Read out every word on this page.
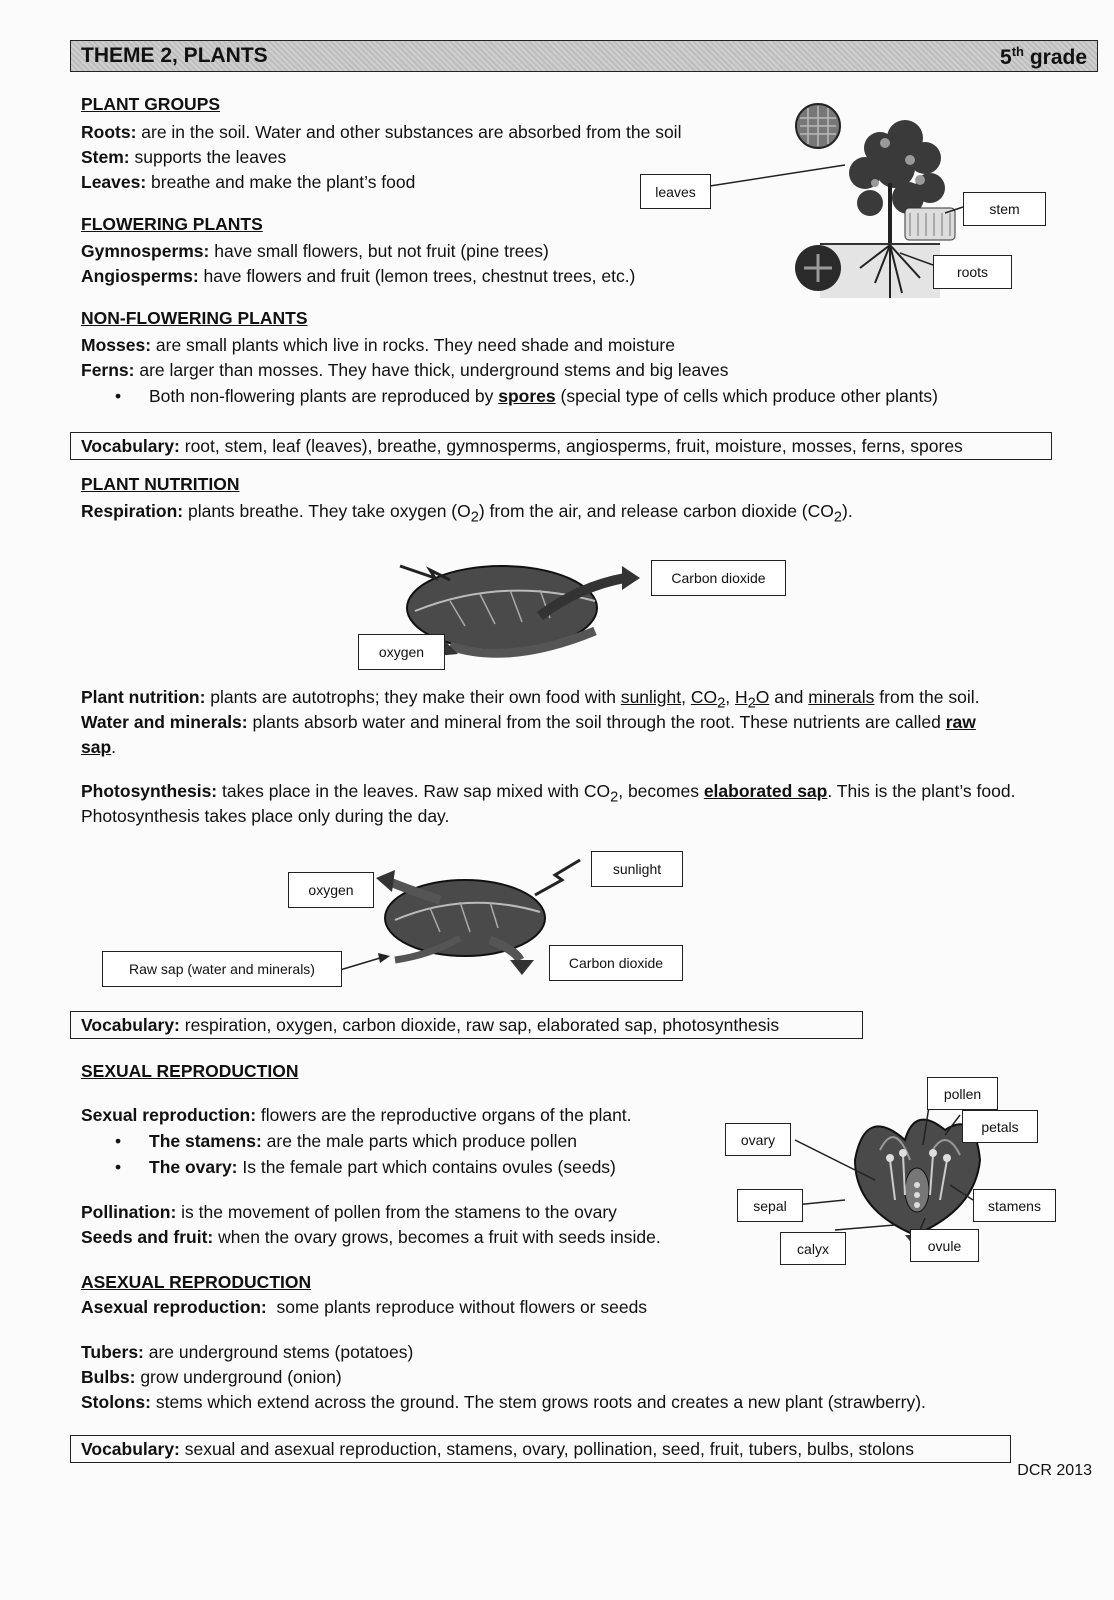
THEME 2, PLANTS	5th grade
PLANT GROUPS
Roots: are in the soil. Water and other substances are absorbed from the soil
Stem: supports the leaves
Leaves: breathe and make the plant’s food	leaves
stem
roots
FLOWERING PLANTS
Gymnosperms: have small flowers, but not fruit (pine trees)
Angiosperms: have flowers and fruit (lemon trees, chestnut trees, etc.)
NON-FLOWERING PLANTS
Mosses: are small plants which live in rocks. They need shade and moisture
Ferns: are larger than mosses. They have thick, underground stems and big leaves
• Both non-flowering plants are reproduced by spores (special type of cells which produce other plants)
Vocabulary: root, stem, leaf (leaves), breathe, gymnosperms, angiosperms, fruit, moisture, mosses, ferns, spores
PLANT NUTRITION
Respiration: plants breathe. They take oxygen $(O_2)$ from the air, and release carbon dioxide $(CO_2)$.
Carbon dioxide
oxygen
Plant nutrition: plants are autotrophs; they make their own food with sunlight, $CO_2$, $H_2O$ and minerals from the soil.
Water and minerals: plants absorb water and mineral from the soil through the root. These nutrients are called raw
sap.
Photosynthesis: takes place in the leaves. Raw sap mixed with $CO_2$, becomes elaborated sap. This is the plant’s food.
Photosynthesis takes place only during the day.
sunlight
oxygen
Raw sap (water and minerals)	Carbon dioxide
Vocabulary: respiration, oxygen, carbon dioxide, raw sap, elaborated sap, photosynthesis
SEXUAL REPRODUCTION
Sexual reproduction: flowers are the reproductive organs of the plant.
• The stamens: are the male parts which produce pollen
• The ovary: Is the female part which contains ovules (seeds)
Pollination: is the movement of pollen from the stamens to the ovary
Seeds and fruit: when the ovary grows, becomes a fruit with seeds inside.
pollen
petals
ovary
sepal	stamens
calyx	ovule
ASEXUAL REPRODUCTION
Asexual reproduction:  some plants reproduce without flowers or seeds
Tubers: are underground stems (potatoes)
Bulbs: grow underground (onion)
Stolons: stems which extend across the ground. The stem grows roots and creates a new plant (strawberry).
Vocabulary: sexual and asexual reproduction, stamens, ovary, pollination, seed, fruit, tubers, bulbs, stolons
DCR 2013
